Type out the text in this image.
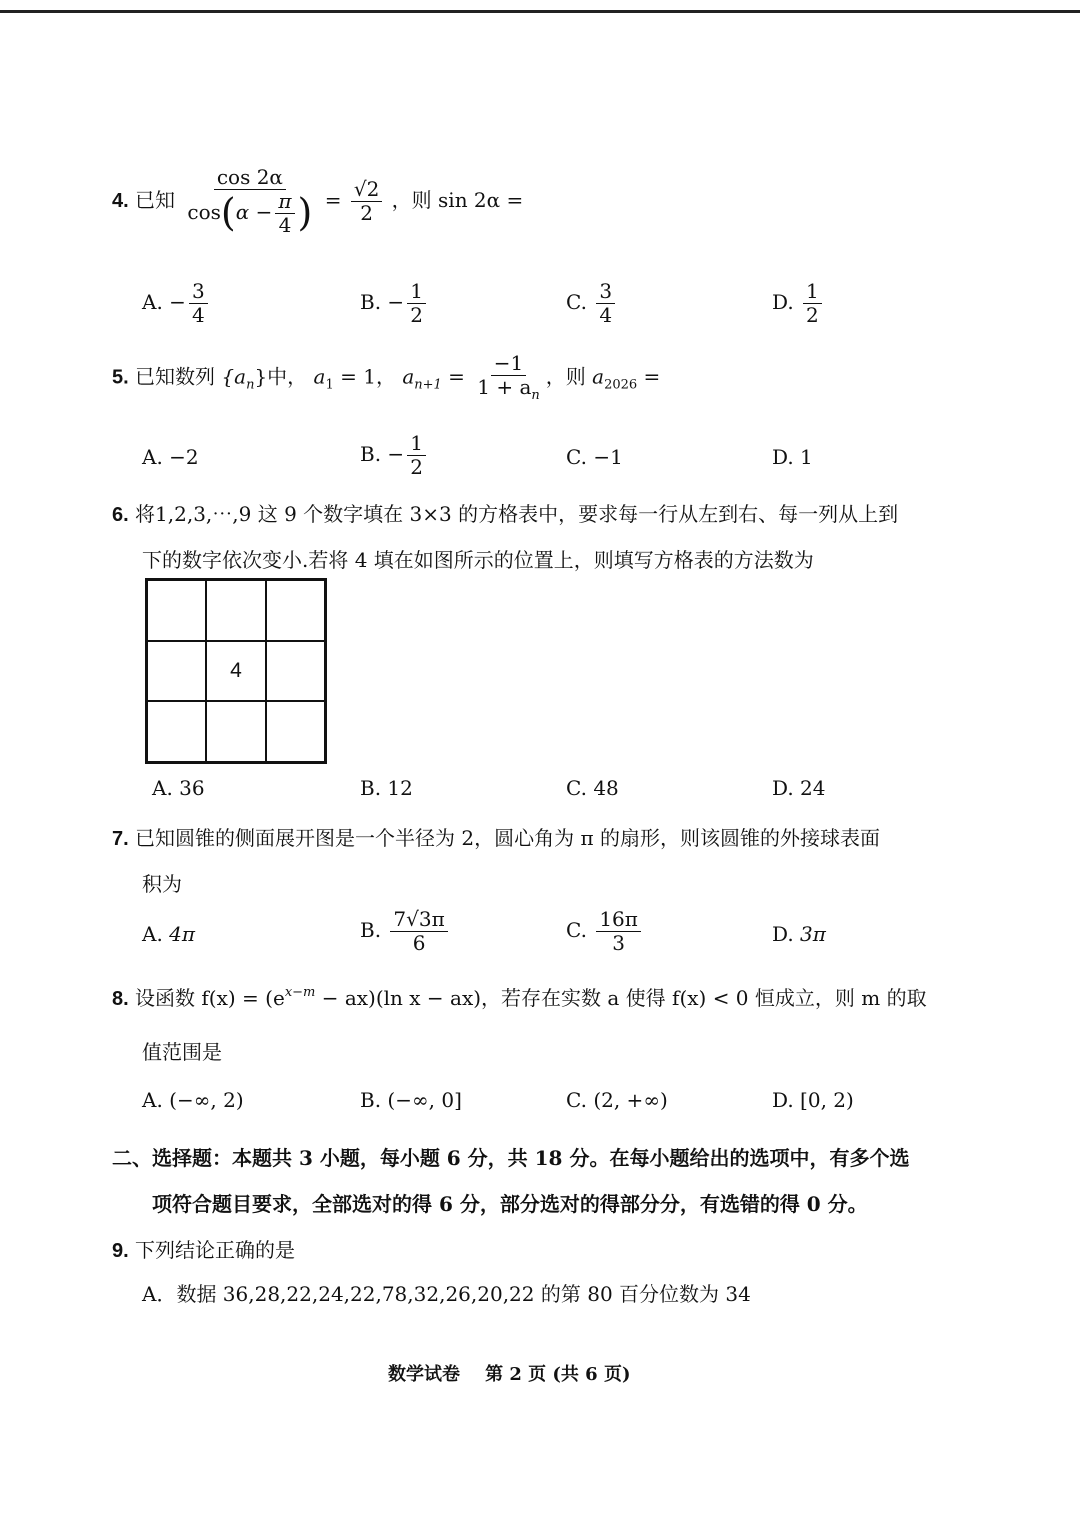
4. 已知 $\frac{\cos 2\alpha}{\cos(\alpha - \frac{\pi}{4} )} = \frac{√2}{2}$ ，则 sin 2α =
A. − $\frac{3}{4}$	B. − $\frac{1}{2}$	C. $\frac{3}{4}$	D. $\frac{1}{2}$
5. 已知数列 $\{a_n\}$中， $a_1 = 1$， $a_{n+1} = \frac{-1}{1 + a_n}$ ，则 $a_{2026}$ =
A. −2	B. − $\frac{1}{2}$	C. −1	D. 1
6. 将1,2,3,⋯,9 这 9 个数字填在 3×3 的方格表中，要求每一行从左到右、每一列从上到
下的数字依次变小.若将 4 填在如图所示的位置上，则填写方格表的方法数为
4
A. 36	B. 12	C. 48	D. 24
7. 已知圆锥的侧面展开图是一个半径为 2，圆心角为 π 的扇形，则该圆锥的外接球表面
积为
A. 4π	B. $\frac{7√3\pi}{6}$	C. $\frac{16\pi}{3}$	D. 3π
8. 设函数 $f(x) = (e^{x-m} - ax)(\ln$ x − ax)，若存在实数 a 使得 f(x) < 0 恒成立，则 m 的取
值范围是
A. (−∞, 2)	B. (−∞, 0]	C. (2, +∞)	D. [0, 2)
二、选择题：本题共 3 小题，每小题 6 分，共 18 分。在每小题给出的选项中，有多个选
项符合题目要求，全部选对的得 6 分，部分选对的得部分分，有选错的得 0 分。
9. 下列结论正确的是
A．数据 36,28,22,24,22,78,32,26,20,22 的第 80 百分位数为 34
数学试卷    第 2 页 (共 6 页)
